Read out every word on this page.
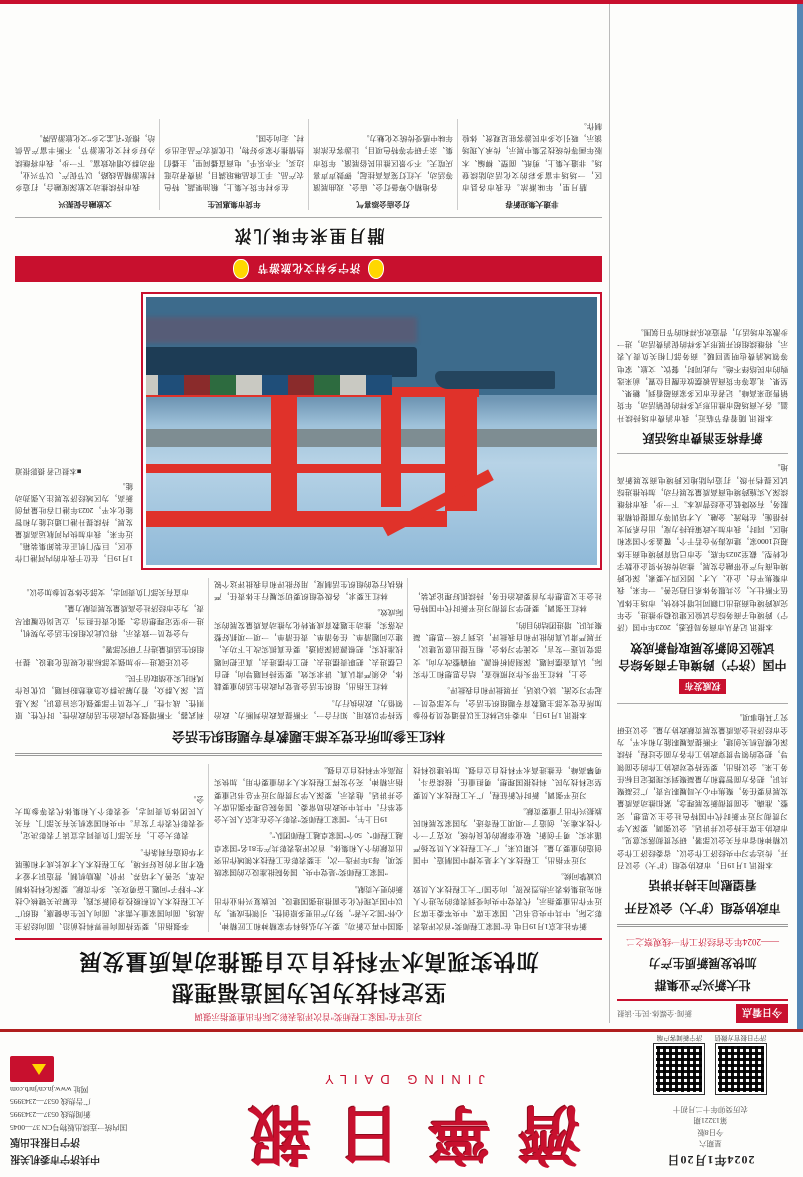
2024年1月20日
星期六
今日8版
第13221期
农历癸卯年十二月初十
济宁日报官方微信
济宁新闻客户端
濟寧日報
JINING DAILY
中共济宁市委机关报
济宁日报社出版
国内统一连续出版物号CN 37—0045
新闻热线 0537—2343995
广告热线 0537—2343995
网址 www.jn.cn/jnrb.com
今日看点
新闻·全媒体·民生·读报
壮大新兴产业集群
加快发展新质生产力
——2024年全省经济工作一线观察之二
市政协党组（扩大）会议召开
看望慰问主持并讲话

本报讯 1月19日，市政协党组（扩大）会议召开，传达学习中央经济工作会议、省委经济工作会议精神和省市有关会议部署，研究贯彻落实意见。市政协主席主持会议并讲话。会议强调，要深入学习贯彻习近平新时代中国特色社会主义思想，完整、准确、全面贯彻新发展理念，紧扣推动高质量发展首要任务，聚焦中心大局履职尽责，广泛凝聚共识，把各方面智慧和力量凝聚到实现既定目标任务上来。会议指出，要坚持党对政协工作的全面领导，把党的领导贯穿政协工作各方面全过程，持续深化模范机关创建，不断提高履职能力和水平，为全市经济社会高质量发展贡献政协力量。会议还研究了其他事项。

权威发布
中国（济宁）跨境电子商务综合试验区创新发展取得新成效

本报讯 记者从市商务局获悉，2023年中国（济宁）跨境电子商务综合试验区建设稳步推进，全年完成跨境电商进出口额同比增长较快，市场主体队伍不断壮大，公共服务体系日趋完善。一年来，我市聚焦平台、企业、人才、园区四大要素，深化跨境电商与产业带融合发展，推动传统外贸企业数字化转型。截至2023年底，全市已培育跨境电商主体超过1000家，建成海外仓若干个，覆盖多个国家和地区。同时，我市加大政策扶持力度，出台系列支持措施，在物流、金融、人才培训等方面提供精准服务，有效降低企业经营成本。下一步，我市将继续深入实施跨境电商高质量发展行动，加快推进综试区提档升级，打造内陆地区跨境电商发展新高地。

新春将至消费市场活跃

本报讯 随着春节临近，我市消费市场持续升温。各大商场超市推出形式多样的促销活动，年货销售迎来高峰。记者在市区多家商超看到，糖果、坚果、礼盒等年货商品被摆放在醒目位置，前来选购的市民络绎不绝。与此同时，餐饮、文旅、家电等领域消费也明显回暖。商务部门相关负责人表示，将继续组织开展形式多样的促消费活动，进一步激发市场活力，营造欢乐祥和的节日氛围。

习近平在"国家工程师奖"首次评选表彰之际作出重要指示强调
坚定科技为民为国造福理想
加快实现高水平科技自立自强推动高质量发展

新华社北京1月19日电 在"国家工程师奖"首次评选表彰之际，中共中央总书记、国家主席、中央军委主席习近平作出重要指示，代表党中央向受到表彰的先进个人和先进集体表示热烈祝贺，向全国广大工程技术人员致以诚挚问候。

习近平指出，工程技术人才是支撑中国制造、中国创造的重要力量。长期以来，广大工程技术人员发扬严谨求实、勇于创新、敬业奉献的优良传统，攻克了一个个技术难关，创造了一项项工程奇迹，为国家发展和民族振兴作出了重要贡献。

习近平强调，新时代新征程，广大工程技术人员要坚定科技为民、科技报国理想，勇担重任，接续奋斗，勇攀高峰，在推进高水平科技自立自强、加快建设科技强国中再立新功。要大力弘扬科学家精神和工匠精神，心怀"国之大者"，努力产出更多原创性、引领性成果，为以中国式现代化全面推进强国建设、民族复兴伟业作出新的更大贡献。

"国家工程师奖"是党中央、国务院批准设立的国家级奖项，每3年评选一次，主要表彰在工程技术领域作出突出贡献的个人和集体。首次评选表彰共产生81名"国家卓越工程师"、50个"国家卓越工程师团队"。

19日上午，"国家工程师奖"表彰大会在北京人民大会堂举行。中共中央政治局常委、国务院总理李强出席大会并讲话。他表示，要深入学习贯彻习近平总书记重要指示精神，充分发挥工程技术人才的重要作用，加快实现高水平科技自立自强。

李强指出，要坚持面向世界科技前沿、面向经济主战场、面向国家重大需求、面向人民生命健康，组织广大工程技术人员积极投身创新实践，在解决关键核心技术"卡脖子"问题上奋勇攻关、多作贡献。要深化科技体制改革，完善人才培养、评价、激励机制，营造识才爱才敬才用才的良好环境，为工程技术人才成长成才和施展才华创造有利条件。

表彰大会上，有关部门负责同志宣读了表彰决定，受表彰代表作了发言。中央和国家机关有关部门、有关人民团体负责同志，受表彰个人和集体代表等参加大会。

林红玉参加所在党支部主题教育专题组织生活会

本报讯 1月19日，市委书记林红玉以普通党员身份参加所在党支部主题教育专题组织生活会，与支部党员一起学习交流、谈心谈话，开展批评和自我批评。

会上，林红玉带头作对照检查，结合思想和工作实际，认真查摆问题、深刻剖析根源、明确整改方向。支部党员逐一发言，交流学习体会，相互提出意见建议，开展严肃认真的批评和自我批评，达到了统一思想、凝聚共识、增进团结的目的。

林红玉强调，要把学习贯彻习近平新时代中国特色社会主义思想作为首要政治任务，持续抓好理论武装，坚持学以致用、知行合一，不断提高政治判断力、政治领悟力、政治执行力。

林红玉指出，组织生活会是党内政治生活的重要载体，必须严肃认真、讲求实效。要坚持问题导向，把自己摆进去、把职责摆进去、把工作摆进去，真正把问题找准找实，把根源剖深剖透。要在真抓实改上下功夫，建立问题清单、任务清单、责任清单，一项一项抓好整改落实，推动主题教育成果转化为推动高质量发展的实际成效。

林红玉要求，各级党组织要切实履行主体责任，严格执行党的组织生活制度，用好批评和自我批评这个锐利武器，不断增强党内政治生活的政治性、时代性、原则性、战斗性。广大党员干部要强化宗旨意识，深入基层、深入群众，着力解决群众急难愁盼问题，以优良作风和扎实业绩取信于民。

会议还就进一步加强支部标准化规范化建设、提升组织生活质量进行了研究部署。

与会党员一致表示，将以此次组织生活会为契机，进一步坚定理想信念、强化责任担当，立足岗位履职尽责，为全市经济社会高质量发展贡献力量。

市直有关部门负责同志，支部全体党员参加会议。

1月19日，在位于我市的内河港口作业区，巨型门机正在装卸集装箱。近年来，我市加快内河航运高质量发展，持续提升港口通过能力和智能化水平，2023年港口吞吐量再创新高，为区域经济发展注入强劲动能。
■本报记者 摄影报道
济宁乡村文化旅游节
腊月里来年味儿浓

非遗大集迎新春

腊月里，年味渐浓。在我市各县市区，一场场丰富多彩的文化活动陆续登场。非遗大集上，剪纸、面塑、柳编、木版年画等传统技艺集中展示，传承人现场演示，吸引众多市民游客驻足观赏、体验制作。

灯会庙会添喜气

各地精心筹备灯会、庙会、戏曲展演等活动，大红灯笼高高挂起，锣鼓声声喜庆喧天。不少景区推出民俗展演、年货市集、亲子研学等特色项目，让游客在浓浓年味中感受传统文化魅力。

年货市集惠民生

在乡村年货大集上，粮油果蔬、特色农产品、手工食品琳琅满目，消费者边逛边买，不亦乐乎。电商直播间里，主播们热情推介家乡好物，让优质农产品走出乡村、走向全国。

文旅融合促振兴

我市持续推动文旅深度融合，打造乡村旅游精品线路，以节促产、以节兴业，带动群众增收致富。下一步，我市将继续办好乡村文化旅游节，不断丰富产品供给，擦亮"孔孟之乡"文化旅游品牌。
